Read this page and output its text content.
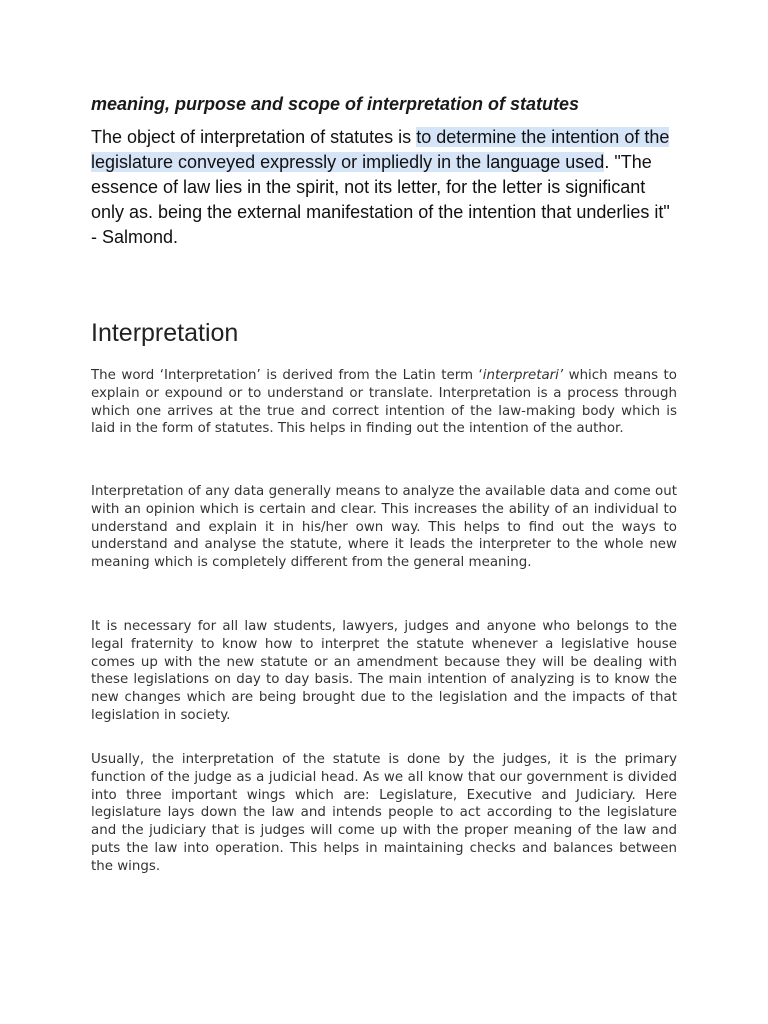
meaning, purpose and scope of interpretation of statutes

The object of interpretation of statutes is to determine the intention of the legislature conveyed expressly or impliedly in the language used. "The essence of law lies in the spirit, not its letter, for the letter is significant only as. being the external manifestation of the intention that underlies it" - Salmond.

Interpretation

The word ‘Interpretation’ is derived from the Latin term ‘interpretari’ which means to explain or expound or to understand or translate. Interpretation is a process through which one arrives at the true and correct intention of the law-making body which is laid in the form of statutes. This helps in finding out the intention of the author.

Interpretation of any data generally means to analyze the available data and come out with an opinion which is certain and clear. This increases the ability of an individual to understand and explain it in his/her own way. This helps to find out the ways to understand and analyse the statute, where it leads the interpreter to the whole new meaning which is completely different from the general meaning.

It is necessary for all law students, lawyers, judges and anyone who belongs to the legal fraternity to know how to interpret the statute whenever a legislative house comes up with the new statute or an amendment because they will be dealing with these legislations on day to day basis. The main intention of analyzing is to know the new changes which are being brought due to the legislation and the impacts of that legislation in society.

Usually, the interpretation of the statute is done by the judges, it is the primary function of the judge as a judicial head. As we all know that our government is divided into three important wings which are: Legislature, Executive and Judiciary. Here legislature lays down the law and intends people to act according to the legislature and the judiciary that is judges will come up with the proper meaning of the law and puts the law into operation. This helps in maintaining checks and balances between the wings.
